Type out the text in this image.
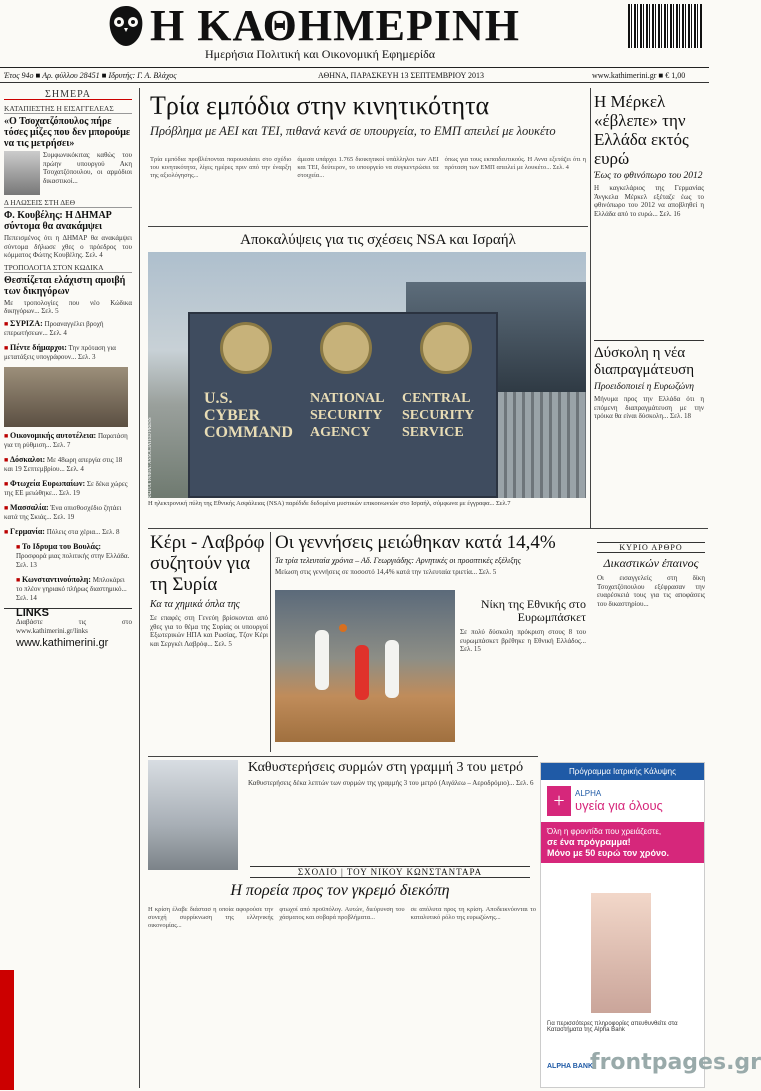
Η ΚΑΘΗΜΕΡΙΝΗ
Ημερήσια Πολιτική και Οικονομική Εφημερίδα
Έτος 94ο ■ Αρ. φύλλου 28451 ■ Ιδρυτής: Γ. Α. Βλάχος	ΑΘΗΝΑ, ΠΑΡΑΣΚΕΥΗ 13 ΣΕΠΤΕΜΒΡΙΟΥ 2013	www.kathimerini.gr ■ € 1,00
ΣΗΜΕΡΑ
ΚΑΤΑΠΙΕΣΤΗΣ Η ΕΙΣΑΓΓΕΛΕΑΣ
«Ο Τσοχατζόπουλος πήρε τόσες μίζες που δεν μπορούμε να τις μετρήσει»
Συμφωνικόκιτας καθώς του πρώην υπουργού Ακη Τσοχατζόπουλου, οι αρμόδιοι δικαστικοί...
Δ ΗΛΩΣΕΙΣ ΣΤΗ ΔΕΘ
Φ. Κουβέλης: Η ΔΗΜΑΡ σύντομα θα ανακάμψει
Πεπεισμένος ότι η ΔΗΜΑΡ θα ανακάμψει σύντομα δήλωσε χθες ο πρόεδρος του κόμματος Φώτης Κουβέλης. Σελ. 4
ΤΡΟΠΟΛΟΓΙΑ ΣΤΟΝ ΚΩΔΙΚΑ
Θεσπίζεται ελάχιστη αμοιβή των δικηγόρων
Με τροπολογίες που νέο Κώδικα δικηγόρων... Σελ. 5
■ ΣΥΡΙΖΑ: Προαναγγέλει βροχή επερωτήσεων... Σελ. 4
■ Πέντε δήμαρχοι: Την πρόταση για μετατάξεις υπογράφουν... Σελ. 3
■ Οικονομικής αυτοτέλεια: Παρατάση για τη ρύθμιση... Σελ. 7
■ Δόσκαλοι: Με 48ωρη απεργία στις 18 και 19 Σεπτεμβρίου... Σελ. 4
■ Φτωχεία Ευρωπαίων: Σε δέκα χώρες της ΕΕ μειώθηκε... Σελ. 19
■ Μασσαλία: Ένα οπισθοσχέδιο ζητάει κατά της Σκιάς... Σελ. 19
■ Γερμανία: Πόλεις στα χέρια... Σελ. 8
■ Το Ιδρυμα του Βουλάς: Προσφορά μιας πολιτικής στην Ελλάδα. Σελ. 13
■ Κωνσταντινούπολη: Μπλοκάρει το πλέον γηριακό πλήρως διαστημικό... Σελ. 14
LINKS
Διαβάστε τις στο www.kathimerini.gr/links
www.kathimerini.gr
Τρία εμπόδια στην κινητικότητα
Πρόβλημα με ΑΕΙ και ΤΕΙ, πιθανά κενά σε υπουργεία, το ΕΜΠ απειλεί με λουκέτο
Τρία εμπόδια προβλέπονται παρουσιάσει στο σχέδιο του κινητικότητα, λίγες ημέρες πριν από την έναρξη της αξιολόγησης...
άμεσα υπάρχει 1.765 διοικητικοί υπάλληλοι των ΑΕΙ και ΤΕΙ, δεύτερον, το υπουργείο να συγκεντρώσει τα στοιχεία...
όπως για τους εκπαιδευτικούς. Η Αννα εξετάζει ότι η πρόταση των ΕΜΠ απειλεί με λουκέτο... Σελ. 4
Αποκαλύψεις για τις σχέσεις NSA και Ισραήλ
U.S.
CYBER
COMMAND
NATIONAL
SECURITY
AGENCY
CENTRAL
SECURITY
SERVICE
ΦΩΤΟΓΡΑΦΙΑ: ASSOCIATED PRESS
Η ηλεκτρονική πύλη της Εθνικής Ασφάλειας (NSA) παρέδιδε δεδομένα μυστικών επικοινωνιών στο Ισραήλ, σύμφωνα με έγγραφα... Σελ.7
Η Μέρκελ «έβλεπε» την Ελλάδα εκτός ευρώ
Έως το φθινόπωρο του 2012
Η καγκελάριος της Γερμανίας Άνγκελα Μέρκελ εξέταζε έως το φθινόπωρο του 2012 να αποβληθεί η Ελλάδα από το ευρώ... Σελ. 16
Δύσκολη η νέα διαπραγμάτευση
Προειδοποιεί η Ευρωζώνη
Μήνυμα προς την Ελλάδα ότι η επόμενη διαπραγμάτευση με την τρόικα θα είναι δύσκολη... Σελ. 18
Κέρι - Λαβρόφ συζητούν για τη Συρία
Κα τα χημικά όπλα της
Σε επαφές στη Γενεύη βρίσκονται από χθες για το θέμα της Συρίας οι υπουργοί Εξωτερικών ΗΠΑ και Ρωσίας, Τζον Κέρι και Σεργκέι Λαβρόφ... Σελ. 5
Οι γεννήσεις μειώθηκαν κατά 14,4%
Τα τρία τελευταία χρόνια – Αδ. Γεωργιάδης: Αρνητικές οι προοπτικές εξέλιξης
Μείωση στις γεννήσεις σε ποσοστό 14,4% κατά την τελευταία τριετία... Σελ. 5
Νίκη της Εθνικής στο Ευρωμπάσκετ
Σε πολύ δύσκολη πρόκριση στους 8 του ευρωμπάσκετ βρέθηκε η Εθνική Ελλάδος... Σελ. 15
ΚΥΡΙΟ ΑΡΘΡΟ
Δικαστικών έπαινος
Οι εισαγγελείς στη δίκη Τσοχατζόπουλου εξέφρασαν την ευαρέσκειά τους για τις αποφάσεις του δικαστηρίου...
Καθυστερήσεις συρμών στη γραμμή 3 του μετρό
Καθυστερήσεις δέκα λεπτών των συρμών της γραμμής 3 του μετρό (Αιγάλεω – Αεροδρόμιο)... Σελ. 6
ΣΧΟΛΙΟ | ΤΟΥ ΝΙΚΟΥ ΚΩΝΣΤΑΝΤΑΡΑ
Η πορεία προς τον γκρεμό διεκόπη
Η κρίση έλαβε διάστασ η οποία αφορούσε την συνεχή συρρίκνωση της ελληνικής οικονομίας...
φτωχοί από προϋπόλογ. Αυτών, διεύρυνση του χάσματος και σοβαρά προβλήματα...
σε απόλυτα προς τη κρίση. Αποδεικνύονται το καταλυτικό ρόλο της ευρωζώνης...
Πρόγραμμα Ιατρικής Κάλυψης
+	ALPHA
υγεία για όλους
Όλη η φροντίδα που χρειάζεστε,
σε ένα πρόγραμμα!
Μόνο με 50 ευρώ τον χρόνο.
Για περισσότερες πληροφορίες απευθυνθείτε στα Καταστήματα της Alpha Bank
ALPHA BANK
frontpages.gr
